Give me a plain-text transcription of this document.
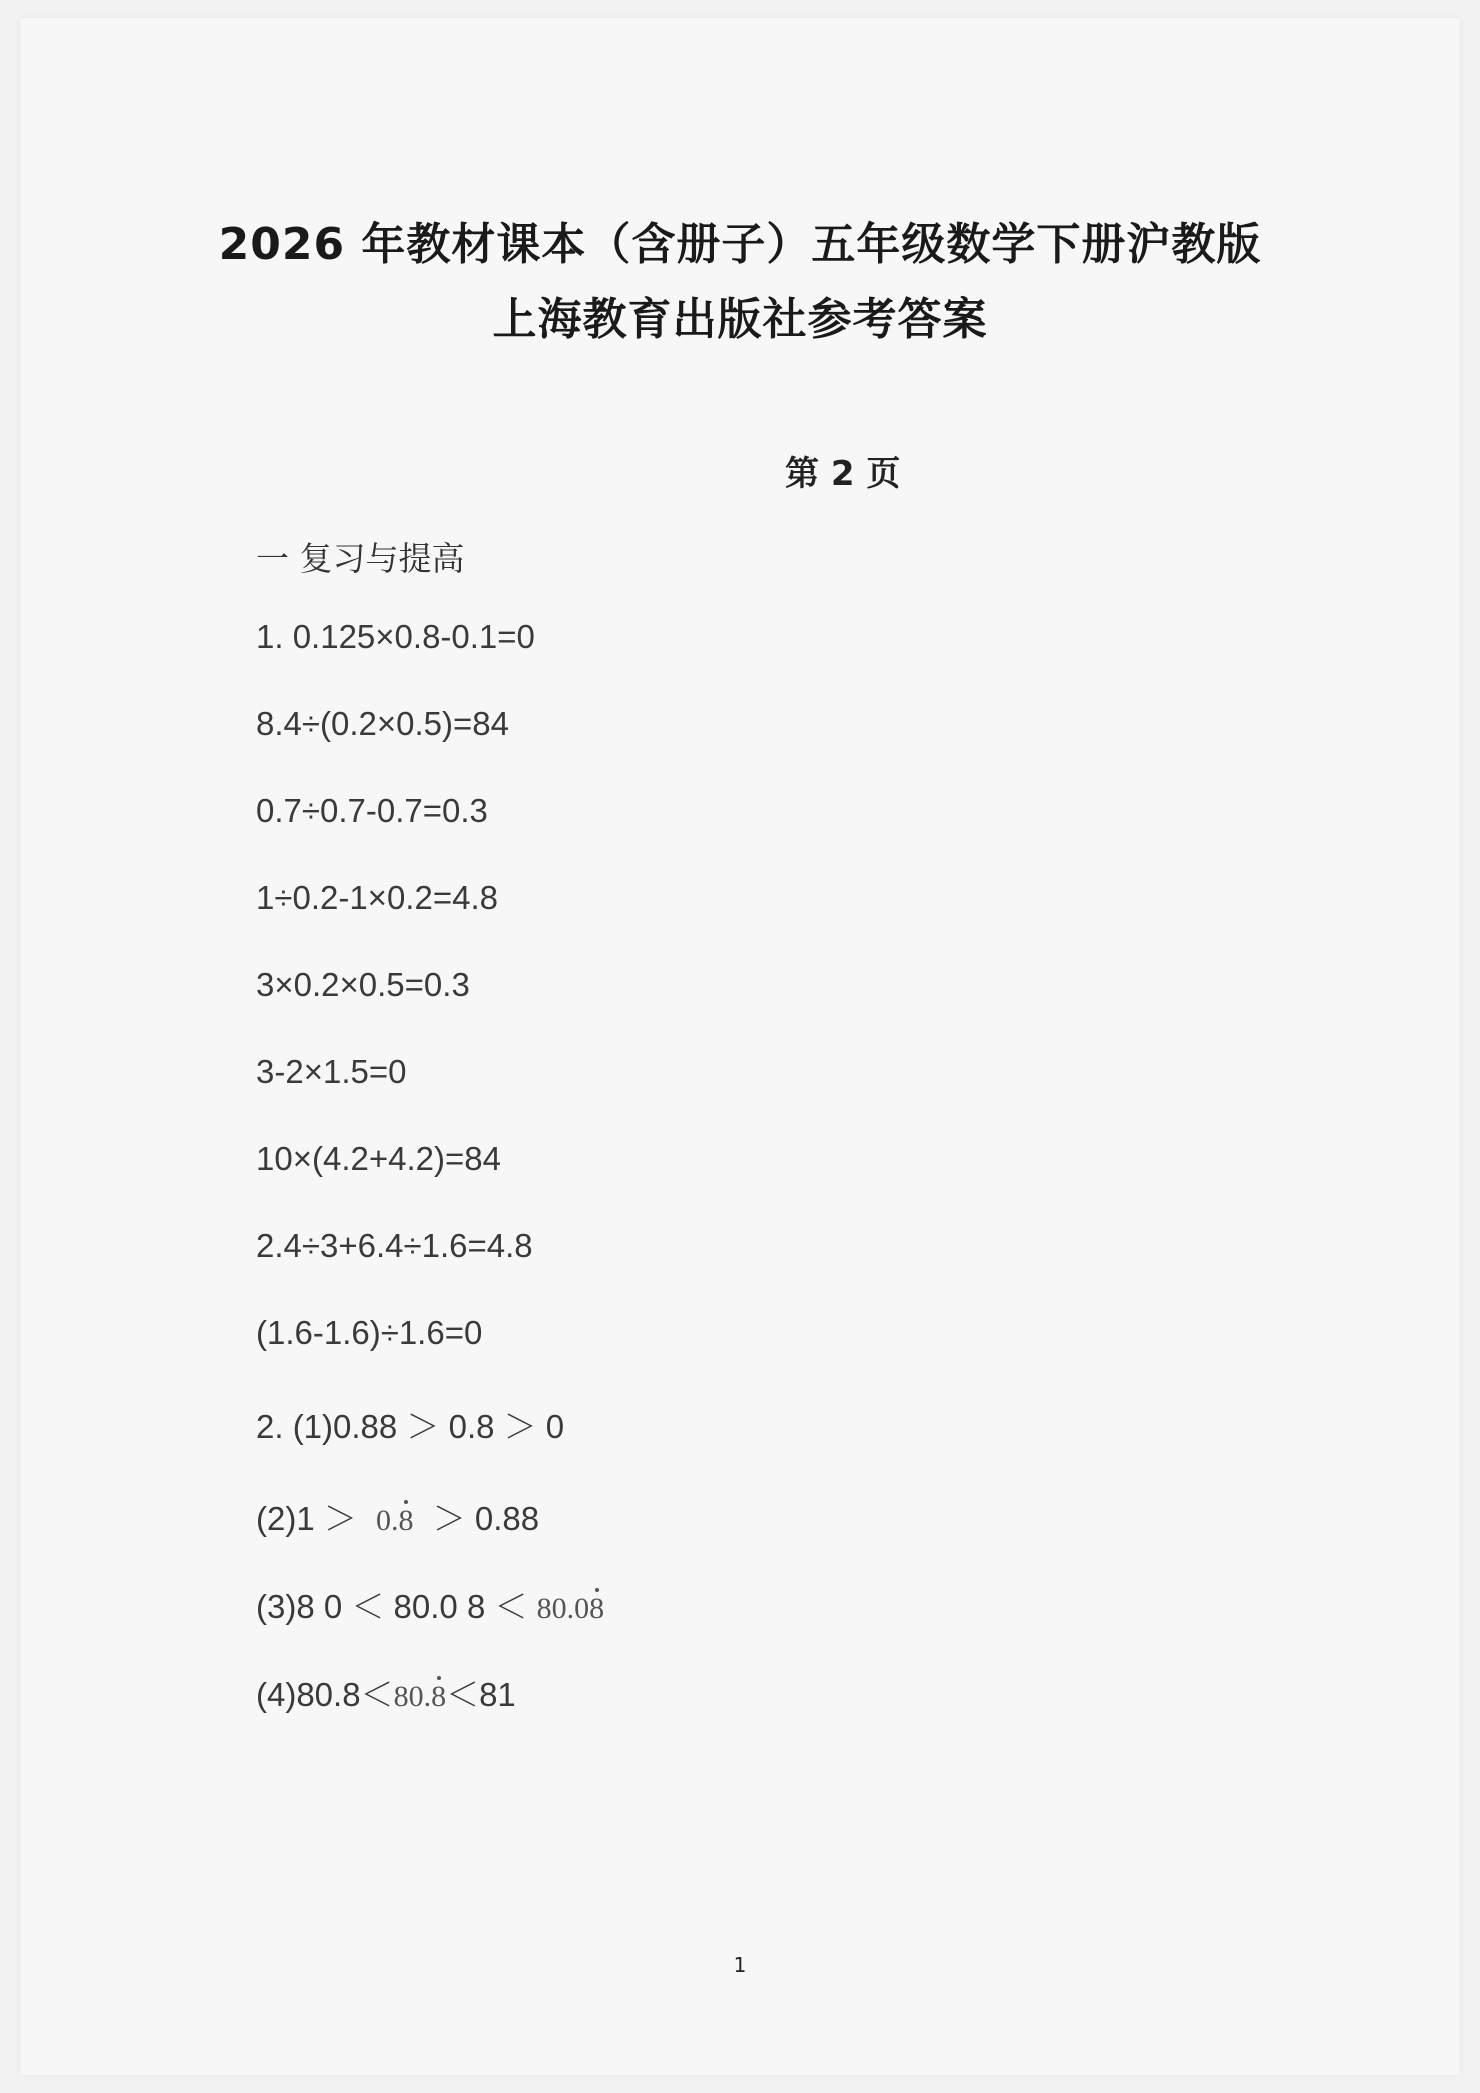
2026 年教材课本（含册子）五年级数学下册沪教版
上海教育出版社参考答案
第 2 页
一 复习与提高
1. 0.125×0.8-0.1=0
8.4÷(0.2×0.5)=84
0.7÷0.7-0.7=0.3
1÷0.2-1×0.2=4.8
3×0.2×0.5=0.3
3-2×1.5=0
10×(4.2+4.2)=84
2.4÷3+6.4÷1.6=4.8
(1.6-1.6)÷1.6=0
2. (1)0.88 ＞ 0.8 ＞ 0
(2)1 ＞ 0.8 ＞ 0.88
(3)8 0 ＜ 80.0 8 ＜ 80.08
(4)80.8＜80.8＜81
1
